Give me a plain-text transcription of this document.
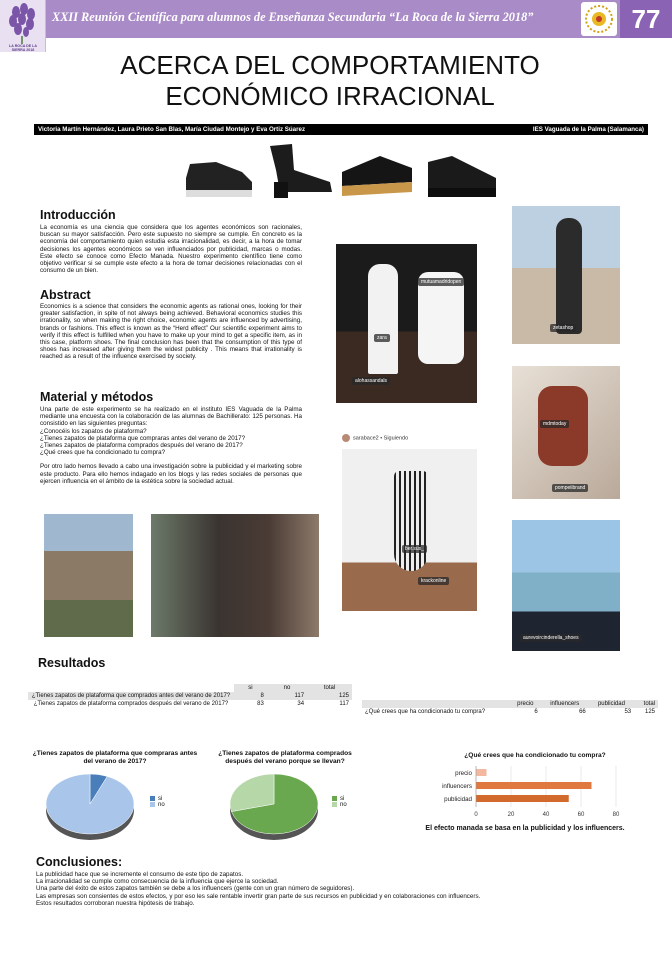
LA ROCA DE LA SIERRA 2018
XXII Reunión Científica para alumnos de Enseñanza Secundaria “La Roca de la Sierra 2018”	77
ACERCA DEL COMPORTAMIENTO
ECONÓMICO IRRACIONAL
Victoria Martín Hernández, Laura Prieto San Blas, María Ciudad Montejo y Eva Ortiz Súarez	IES Vaguada de la Palma (Salamanca)
Introducción
La economía es una ciencia que considera que los agentes económicos son racionales, buscan su mayor satisfacción. Pero este supuesto no siempre se cumple. En concreto es la economía del comportamiento quien estudia esta irracionalidad, es decir, a la hora de tomar decisiones los agentes económicos se ven influenciados por publicidad, marcas o modas. Este efecto se conoce como Efecto Manada. Nuestro experimento científico tiene como objetivo verificar si se cumple este efecto a la hora de tomar decisiones relacionadas con el consumo de un bien.
Abstract
Economics is a science that considers the economic agents as rational ones, looking for their greater satisfaction, in spite of not always being achieved. Behavioral economics studies this irrationality, so when making the right choice, economic agents are influenced by advertising, brands or fashions. This effect is known as the “Herd effect” Our scientific experiment aims to verify if this effect is fulfilled when you have to make up your mind to get a specific item, as in this case, platform shoes. The final conclusion has been that the consumption of this type of shoes has increased after giving them the widest publicity . This means that irrationality is reached as a result of the influence exercised by society.
Material y métodos
Una parte de este experimento se ha realizado en el instituto IES Vaguada de la Palma mediante una encuesta con la colaboración de las alumnas de Bachillerato: 125 personas. Ha consistido en las siguientes preguntas:
¿Conocéis los zapatos de plataforma?
¿Tienes zapatos de plataforma que compraras antes del verano de 2017?
¿Tienes zapatos de plataforma comprados después del verano de 2017?
¿Qué crees que ha condicionado tu compra?
Por otro lado hemos llevado a cabo una investigación sobre la publicidad y el marketing sobre este producto. Para ello hemos indagado en los blogs y las redes sociales de personas que ejercen influencia en el ámbito de la estética sobre la sociedad actual.
mutuamadridopen
zara
alohassandals
sarabace2 • Siguiendo
ber.sus_
krackonline
zetashop
mdmtoday
pompeiibrand
aurevoircinderella_shoes
Resultados
	si	no	total
¿Tienes zapatos de plataforma que comprados antes del verano de 2017?	8	117	125
¿Tienes zapatos de plataforma comprados después del verano de 2017?	83	34	117
		precio	influencers	publicidad	total
¿Qué crees que ha condicionado tu compra?	6	66	53	125
¿Tienes zapatos de plataforma que compraras antes del verano de 2017?
si
no
¿Tienes zapatos de plataforma comprados después del verano porque se llevan?
si
no
¿Qué crees que ha condicionado tu compra?
0	20	40	60	80
precio
influencers
publicidad
El efecto manada se basa en la publicidad y los influencers.
Conclusiones:
La publicidad hace que se incremente el consumo de este tipo de zapatos.
La irracionalidad se cumple como consecuencia de la influencia que ejerce la sociedad.
Una parte del éxito de estos zapatos también se debe a los influencers (gente con un gran número de seguidores).
Las empresas son consientes de estos efectos, y por eso les sale rentable invertir gran parte de sus recursos en publicidad y en colaboraciones con influencers.
Estos resultados corroboran nuestra hipótesis de trabajo.
